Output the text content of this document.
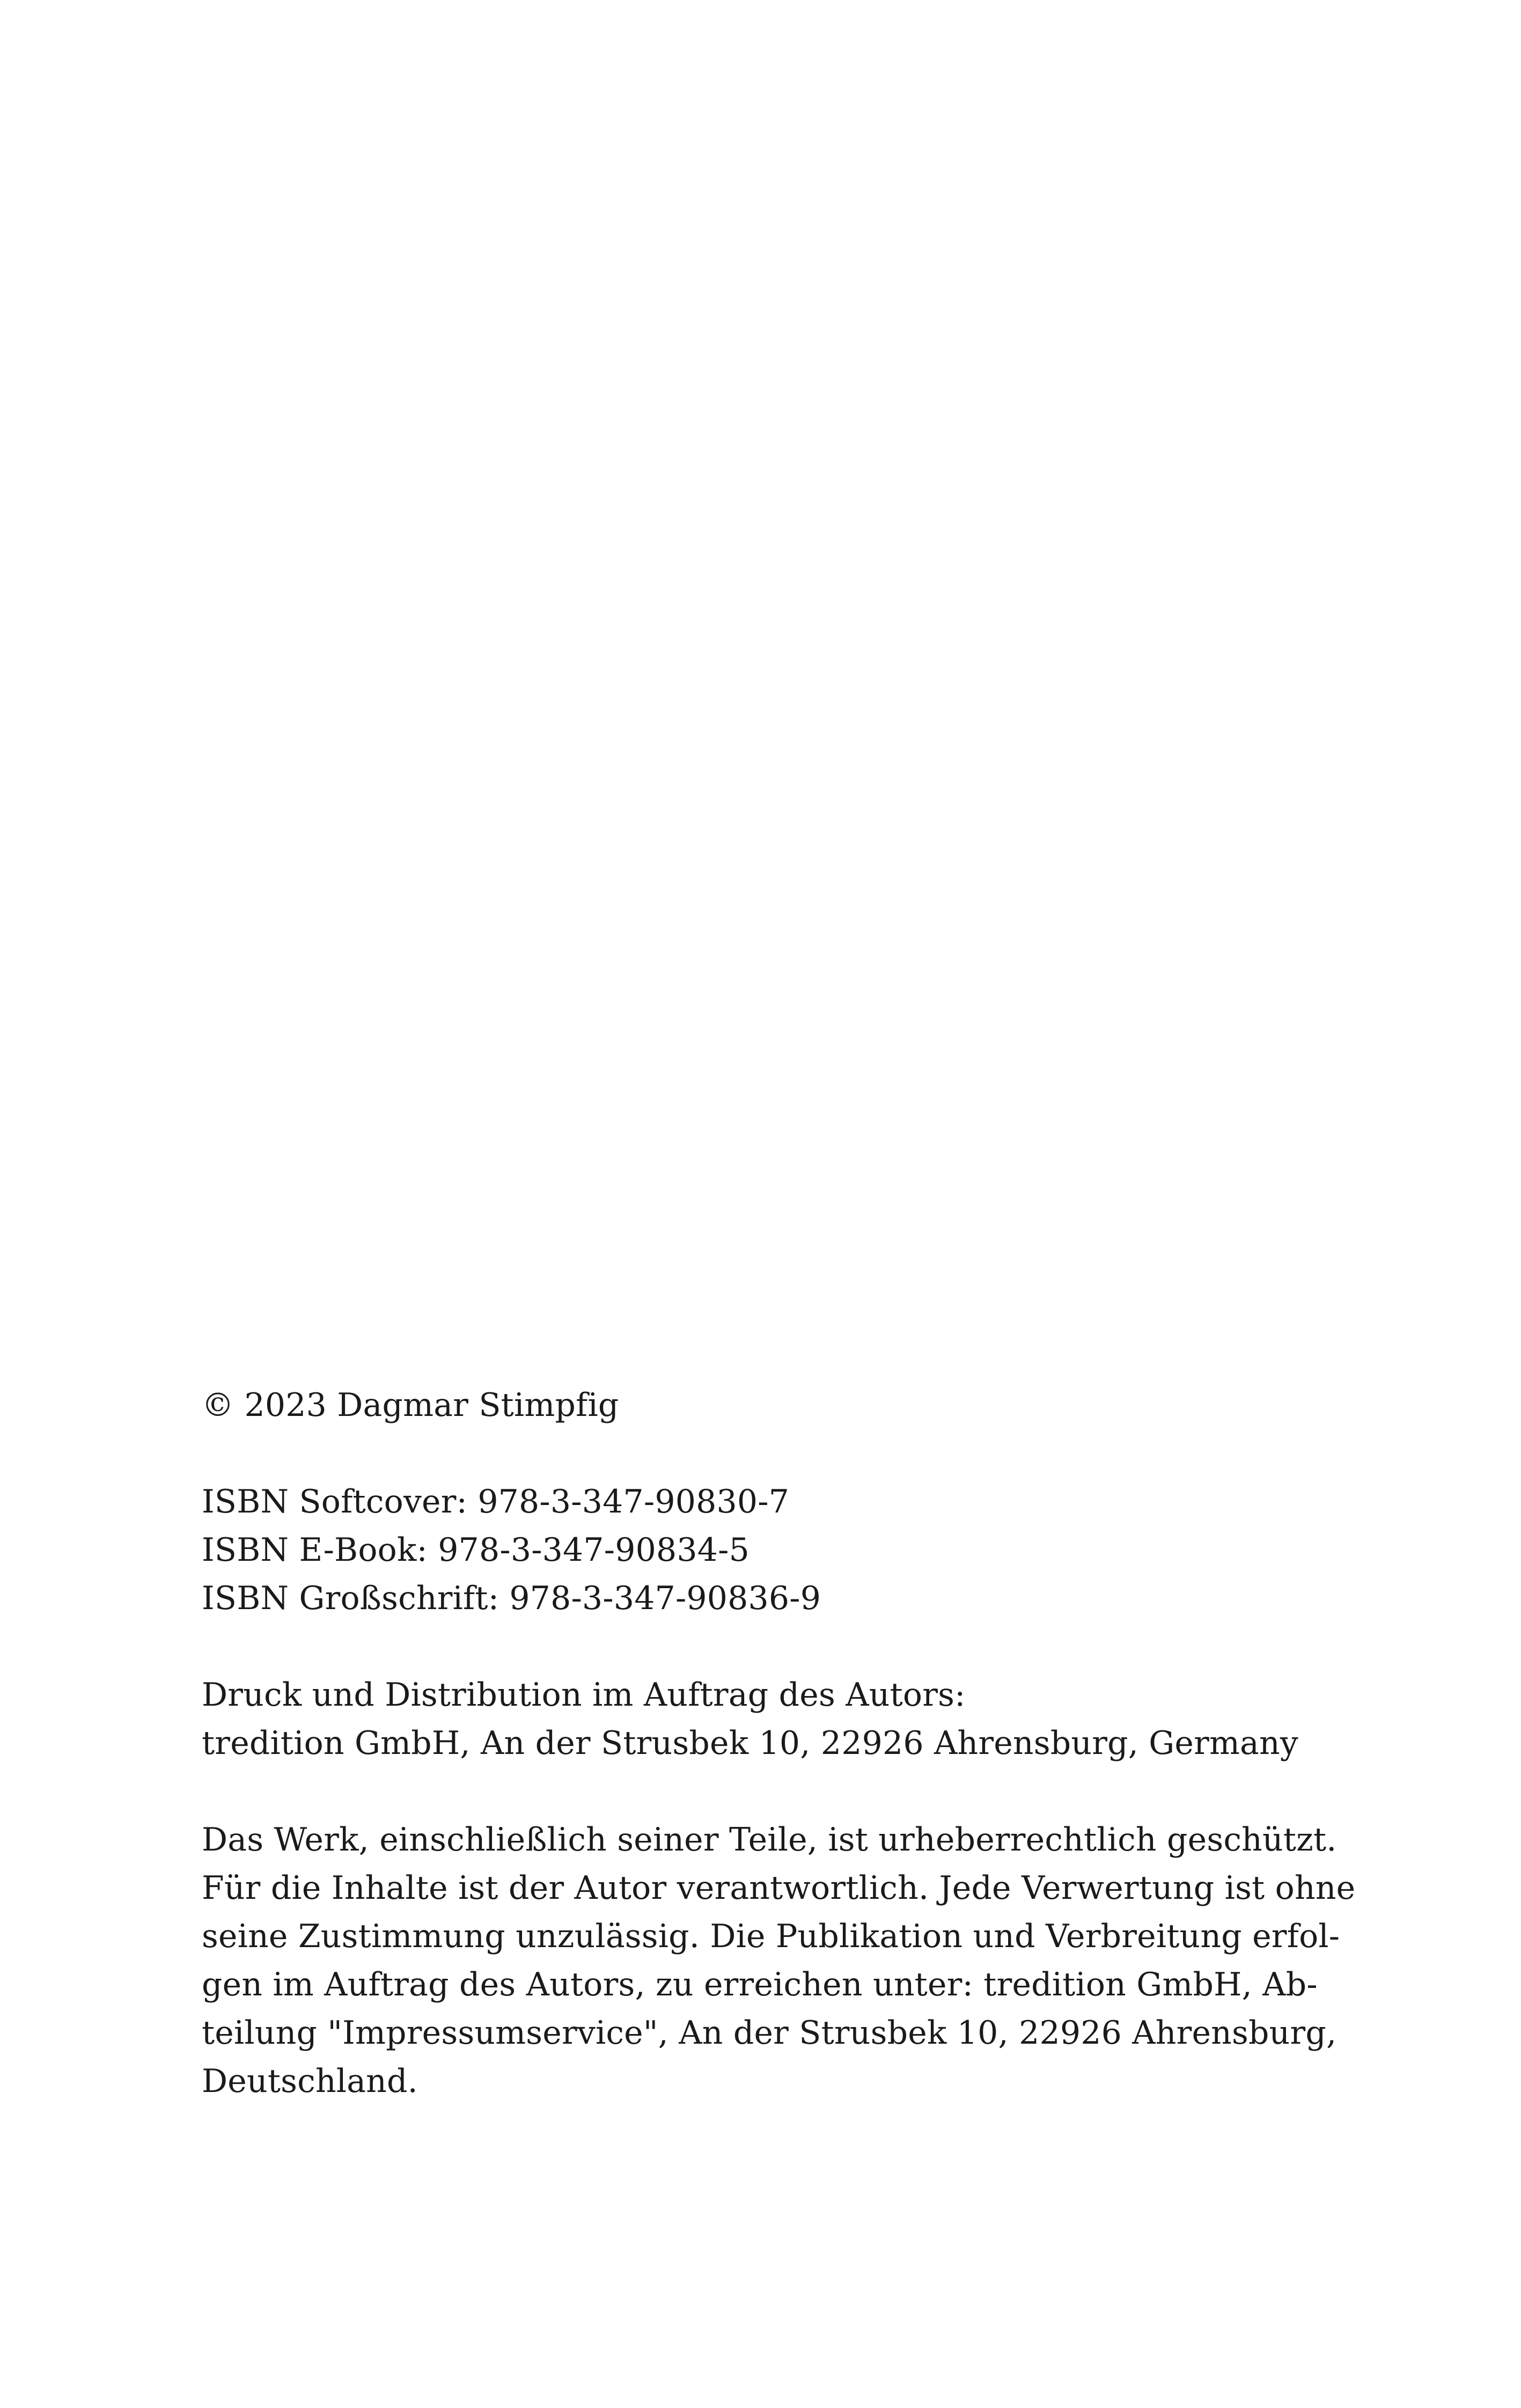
© 2023 Dagmar Stimpfig

ISBN Softcover: 978-3-347-90830-7
ISBN E-Book: 978-3-347-90834-5
ISBN Großschrift: 978-3-347-90836-9

Druck und Distribution im Auftrag des Autors:
tredition GmbH, An der Strusbek 10, 22926 Ahrensburg, Germany

Das Werk, einschließlich seiner Teile, ist urheberrechtlich geschützt.
Für die Inhalte ist der Autor verantwortlich. Jede Verwertung ist ohne
seine Zustimmung unzulässig. Die Publikation und Verbreitung erfol-
gen im Auftrag des Autors, zu erreichen unter: tredition GmbH, Ab-
teilung "Impressumservice", An der Strusbek 10, 22926 Ahrensburg,
Deutschland.
